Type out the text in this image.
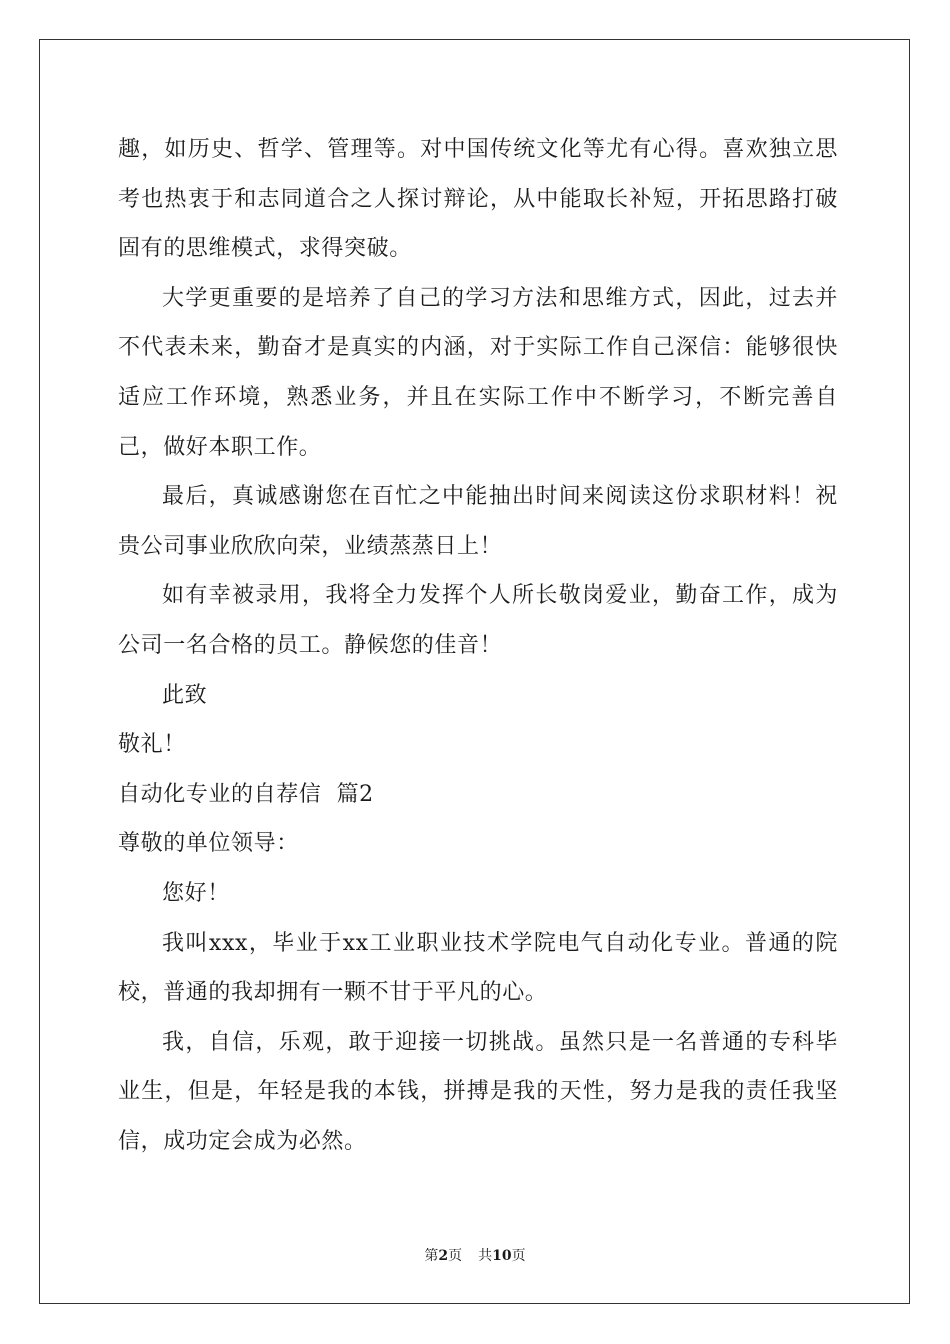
趣，如历史、哲学、管理等。对中国传统文化等尤有心得。喜欢独立思考也热衷于和志同道合之人探讨辩论，从中能取长补短，开拓思路打破固有的思维模式，求得突破。

大学更重要的是培养了自己的学习方法和思维方式，因此，过去并不代表未来，勤奋才是真实的内涵，对于实际工作自己深信：能够很快适应工作环境，熟悉业务，并且在实际工作中不断学习，不断完善自己，做好本职工作。

最后，真诚感谢您在百忙之中能抽出时间来阅读这份求职材料！祝贵公司事业欣欣向荣，业绩蒸蒸日上！

如有幸被录用，我将全力发挥个人所长敬岗爱业，勤奋工作，成为公司一名合格的员工。静候您的佳音！

此致

敬礼！

自动化专业的自荐信  篇2

尊敬的单位领导：

您好！

我叫xxx，毕业于xx工业职业技术学院电气自动化专业。普通的院校，普通的我却拥有一颗不甘于平凡的心。

我，自信，乐观，敢于迎接一切挑战。虽然只是一名普通的专科毕业生，但是，年轻是我的本钱，拼搏是我的天性，努力是我的责任我坚信，成功定会成为必然。

第2页 共10页
